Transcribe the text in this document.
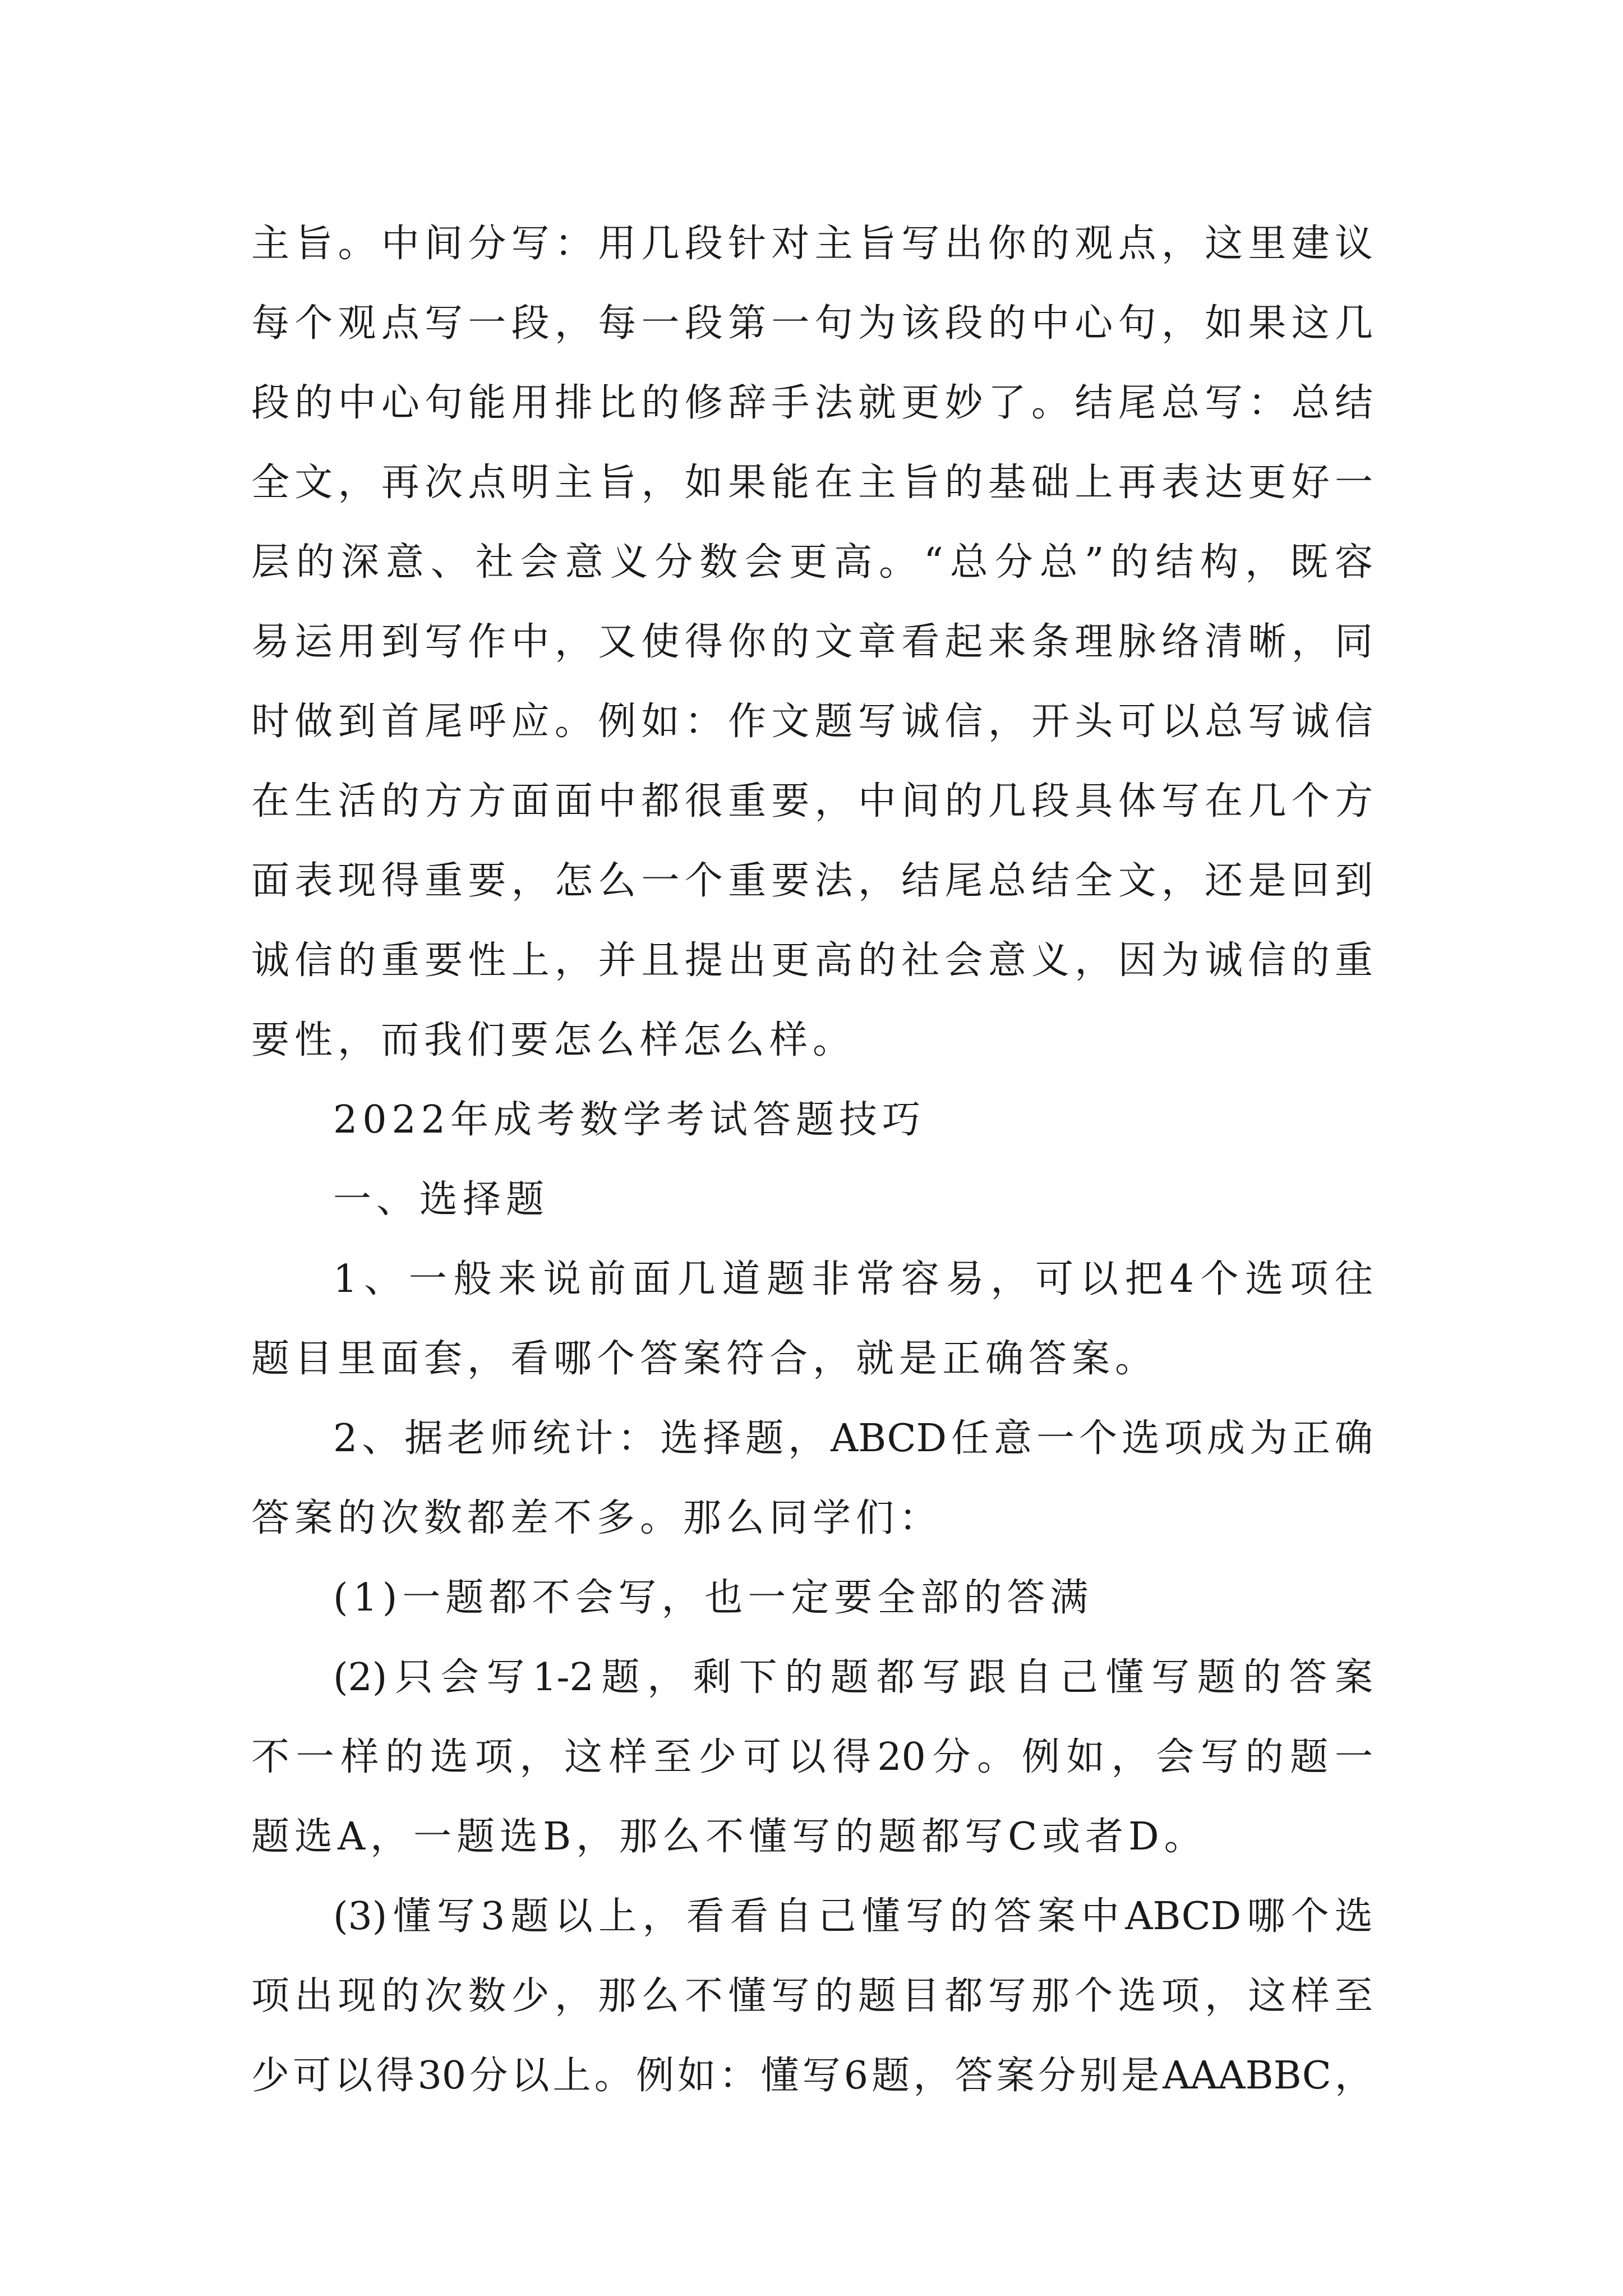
主旨。中间分写：用几段针对主旨写出你的观点，这里建议
每个观点写一段，每一段第一句为该段的中心句，如果这几
段的中心句能用排比的修辞手法就更妙了。结尾总写：总结
全文，再次点明主旨，如果能在主旨的基础上再表达更好一
层的深意、社会意义分数会更高。“总分总”的结构，既容
易运用到写作中，又使得你的文章看起来条理脉络清晰，同
时做到首尾呼应。例如：作文题写诚信，开头可以总写诚信
在生活的方方面面中都很重要，中间的几段具体写在几个方
面表现得重要，怎么一个重要法，结尾总结全文，还是回到
诚信的重要性上，并且提出更高的社会意义，因为诚信的重
要性，而我们要怎么样怎么样。
2022年成考数学考试答题技巧
一、选择题
1、一般来说前面几道题非常容易，可以把4个选项往
题目里面套，看哪个答案符合，就是正确答案。
2、据老师统计：选择题，ABCD任意一个选项成为正确
答案的次数都差不多。那么同学们：
(1)一题都不会写，也一定要全部的答满
(2)只会写1-2题，剩下的题都写跟自己懂写题的答案
不一样的选项，这样至少可以得20分。例如，会写的题一
题选A，一题选B，那么不懂写的题都写C或者D。
(3)懂写3题以上，看看自己懂写的答案中ABCD哪个选
项出现的次数少，那么不懂写的题目都写那个选项，这样至
少可以得30分以上。例如：懂写6题，答案分别是AAABBC，
